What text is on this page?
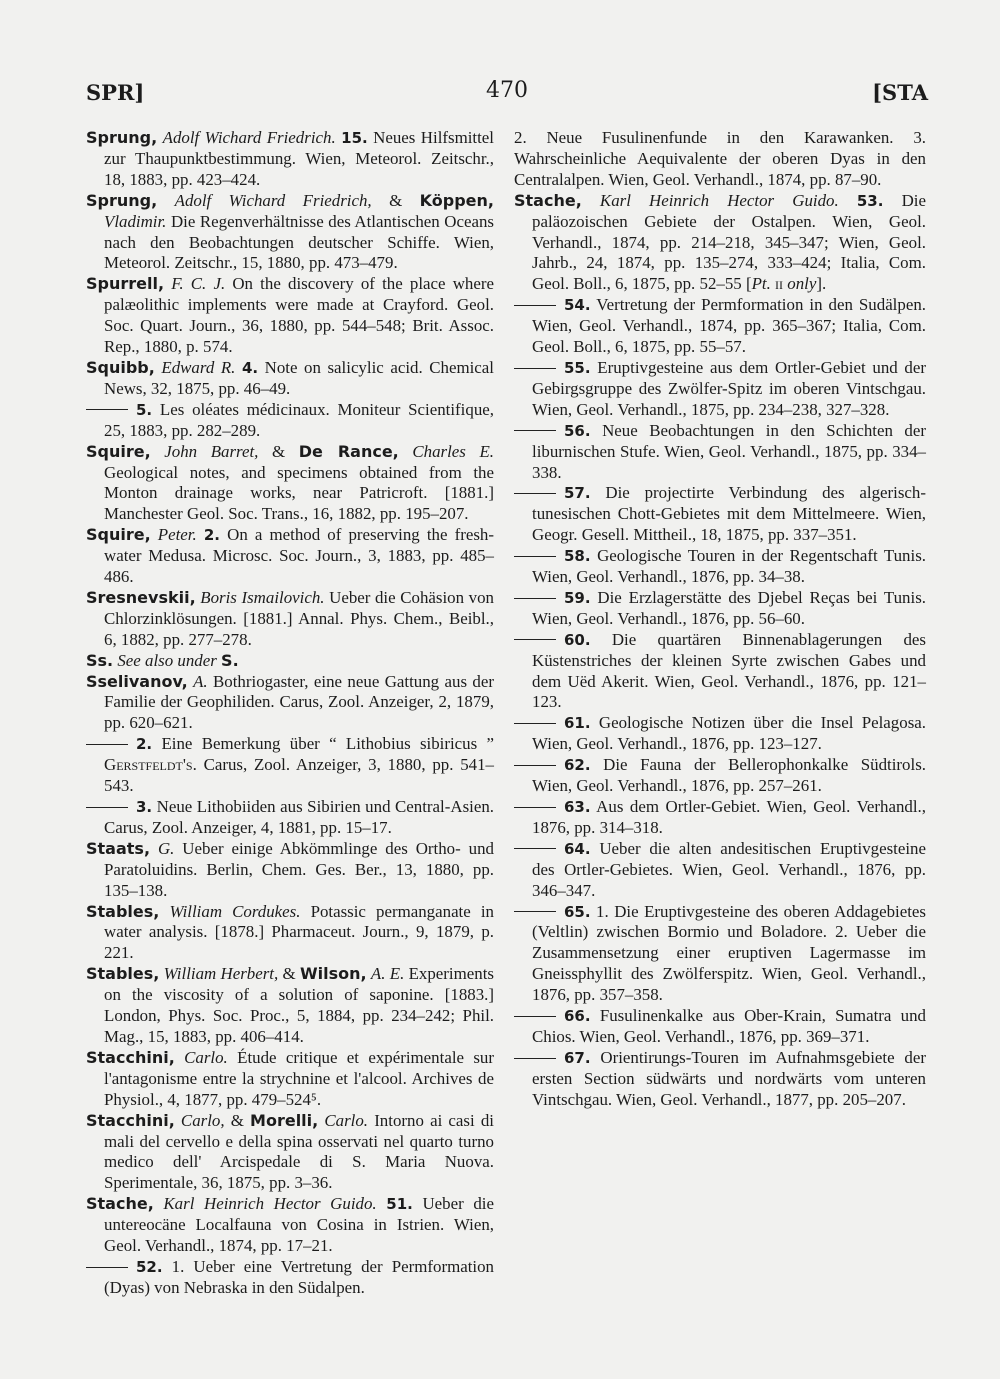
SPR]	470	[STA

Sprung, Adolf Wichard Friedrich. 15. Neues Hilfsmittel zur Thaupunktbestimmung. Wien, Meteorol. Zeitschr., 18, 1883, pp. 423–424.

Sprung, Adolf Wichard Friedrich, & Köppen, Vladimir. Die Regenverhältnisse des Atlantischen Oceans nach den Beobachtungen deutscher Schiffe. Wien, Meteorol. Zeitschr., 15, 1880, pp. 473–479.

Spurrell, F. C. J. On the discovery of the place where palæolithic implements were made at Crayford. Geol. Soc. Quart. Journ., 36, 1880, pp. 544–548; Brit. Assoc. Rep., 1880, p. 574.

Squibb, Edward R. 4. Note on salicylic acid. Chemical News, 32, 1875, pp. 46–49.

5. Les oléates médicinaux. Moniteur Scientifique, 25, 1883, pp. 282–289.

Squire, John Barret, & De Rance, Charles E. Geological notes, and specimens obtained from the Monton drainage works, near Patricroft. [1881.] Manchester Geol. Soc. Trans., 16, 1882, pp. 195–207.

Squire, Peter. 2. On a method of preserving the fresh-water Medusa. Microsc. Soc. Journ., 3, 1883, pp. 485–486.

Sresnevskii, Boris Ismailovich. Ueber die Cohäsion von Chlorzinklösungen. [1881.] Annal. Phys. Chem., Beibl., 6, 1882, pp. 277–278.

Ss. See also under S.

Sselivanov, A. Bothriogaster, eine neue Gattung aus der Familie der Geophiliden. Carus, Zool. Anzeiger, 2, 1879, pp. 620–621.

2. Eine Bemerkung über “ Lithobius sibiricus ” Gerstfeldt's. Carus, Zool. Anzeiger, 3, 1880, pp. 541–543.

3. Neue Lithobiiden aus Sibirien und Central-Asien. Carus, Zool. Anzeiger, 4, 1881, pp. 15–17.

Staats, G. Ueber einige Abkömmlinge des Ortho- und Paratoluidins. Berlin, Chem. Ges. Ber., 13, 1880, pp. 135–138.

Stables, William Cordukes. Potassic permanganate in water analysis. [1878.] Pharmaceut. Journ., 9, 1879, p. 221.

Stables, William Herbert, & Wilson, A. E. Experiments on the viscosity of a solution of saponine. [1883.] London, Phys. Soc. Proc., 5, 1884, pp. 234–242; Phil. Mag., 15, 1883, pp. 406–414.

Stacchini, Carlo. Étude critique et expérimentale sur l'antagonisme entre la strychnine et l'alcool. Archives de Physiol., 4, 1877, pp. 479–524⁵.

Stacchini, Carlo, & Morelli, Carlo. Intorno ai casi di mali del cervello e della spina osservati nel quarto turno medico dell' Arcispedale di S. Maria Nuova. Sperimentale, 36, 1875, pp. 3–36.

Stache, Karl Heinrich Hector Guido. 51. Ueber die untereocäne Localfauna von Cosina in Istrien. Wien, Geol. Verhandl., 1874, pp. 17–21.

52. 1. Ueber eine Vertretung der Permformation (Dyas) von Nebraska in den Südalpen.

2. Neue Fusulinenfunde in den Karawanken. 3. Wahrscheinliche Aequivalente der oberen Dyas in den Centralalpen. Wien, Geol. Verhandl., 1874, pp. 87–90.

Stache, Karl Heinrich Hector Guido. 53. Die paläozoischen Gebiete der Ostalpen. Wien, Geol. Verhandl., 1874, pp. 214–218, 345–347; Wien, Geol. Jahrb., 24, 1874, pp. 135–274, 333–424; Italia, Com. Geol. Boll., 6, 1875, pp. 52–55 [Pt. ii only].

54. Vertretung der Permformation in den Sudälpen. Wien, Geol. Verhandl., 1874, pp. 365–367; Italia, Com. Geol. Boll., 6, 1875, pp. 55–57.

55. Eruptivgesteine aus dem Ortler-Gebiet und der Gebirgsgruppe des Zwölfer-Spitz im oberen Vintschgau. Wien, Geol. Verhandl., 1875, pp. 234–238, 327–328.

56. Neue Beobachtungen in den Schichten der liburnischen Stufe. Wien, Geol. Verhandl., 1875, pp. 334–338.

57. Die projectirte Verbindung des algerisch-tunesischen Chott-Gebietes mit dem Mittelmeere. Wien, Geogr. Gesell. Mittheil., 18, 1875, pp. 337–351.

58. Geologische Touren in der Regentschaft Tunis. Wien, Geol. Verhandl., 1876, pp. 34–38.

59. Die Erzlagerstätte des Djebel Reças bei Tunis. Wien, Geol. Verhandl., 1876, pp. 56–60.

60. Die quartären Binnenablagerungen des Küstenstriches der kleinen Syrte zwischen Gabes und dem Uëd Akerit. Wien, Geol. Verhandl., 1876, pp. 121–123.

61. Geologische Notizen über die Insel Pelagosa. Wien, Geol. Verhandl., 1876, pp. 123–127.

62. Die Fauna der Bellerophonkalke Südtirols. Wien, Geol. Verhandl., 1876, pp. 257–261.

63. Aus dem Ortler-Gebiet. Wien, Geol. Verhandl., 1876, pp. 314–318.

64. Ueber die alten andesitischen Eruptivgesteine des Ortler-Gebietes. Wien, Geol. Verhandl., 1876, pp. 346–347.

65. 1. Die Eruptivgesteine des oberen Addagebietes (Veltlin) zwischen Bormio und Boladore. 2. Ueber die Zusammensetzung einer eruptiven Lagermasse im Gneissphyllit des Zwölferspitz. Wien, Geol. Verhandl., 1876, pp. 357–358.

66. Fusulinenkalke aus Ober-Krain, Sumatra und Chios. Wien, Geol. Verhandl., 1876, pp. 369–371.

67. Orientirungs-Touren im Aufnahmsgebiete der ersten Section südwärts und nordwärts vom unteren Vintschgau. Wien, Geol. Verhandl., 1877, pp. 205–207.
